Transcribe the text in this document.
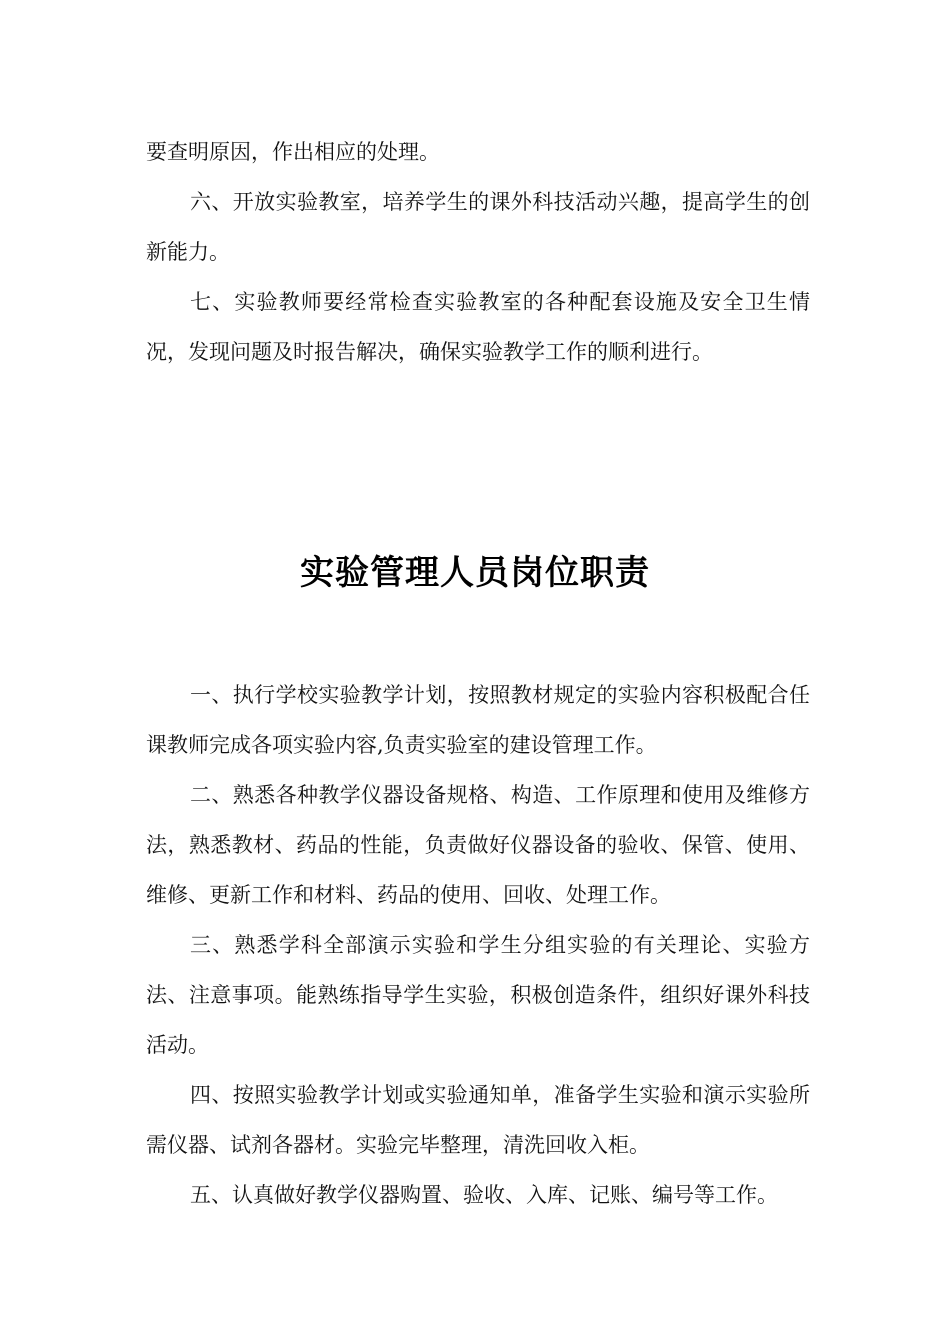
要查明原因，作出相应的处理。

六、开放实验教室，培养学生的课外科技活动兴趣，提高学生的创新能力。

七、实验教师要经常检查实验教室的各种配套设施及安全卫生情况，发现问题及时报告解决，确保实验教学工作的顺利进行。

实验管理人员岗位职责

一、执行学校实验教学计划，按照教材规定的实验内容积极配合任课教师完成各项实验内容,负责实验室的建设管理工作。

二、熟悉各种教学仪器设备规格、构造、工作原理和使用及维修方法，熟悉教材、药品的性能，负责做好仪器设备的验收、保管、使用、维修、更新工作和材料、药品的使用、回收、处理工作。

三、熟悉学科全部演示实验和学生分组实验的有关理论、实验方法、注意事项。能熟练指导学生实验，积极创造条件，组织好课外科技活动。

四、按照实验教学计划或实验通知单，准备学生实验和演示实验所需仪器、试剂各器材。实验完毕整理，清洗回收入柜。

五、认真做好教学仪器购置、验收、入库、记账、编号等工作。
